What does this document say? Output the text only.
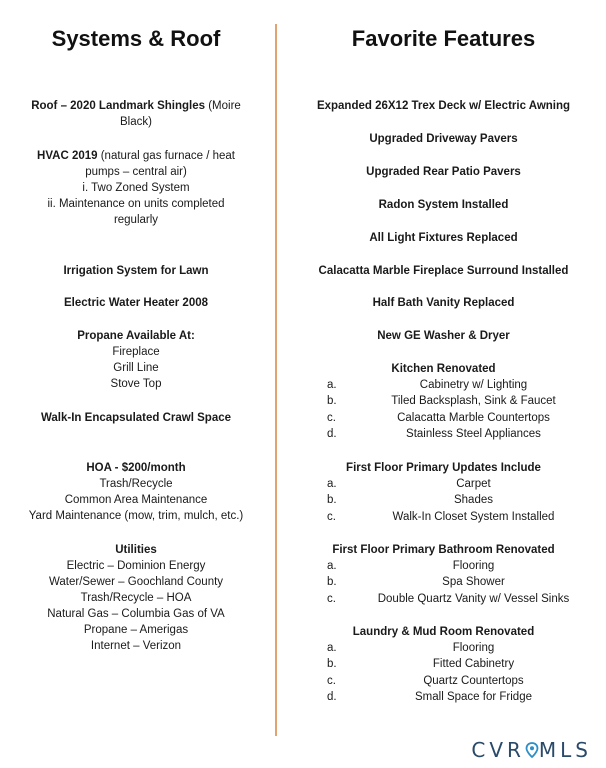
Systems & Roof
Roof – 2020 Landmark Shingles (Moire
Black)
HVAC 2019 (natural gas furnace / heat
pumps – central air)
i. Two Zoned System
ii. Maintenance on units completed
regularly
Irrigation System for Lawn
Electric Water Heater 2008
Propane Available At:
Fireplace
Grill Line
Stove Top
Walk-In Encapsulated Crawl Space
HOA - $200/month
Trash/Recycle
Common Area Maintenance
Yard Maintenance (mow, trim, mulch, etc.)
Utilities
Electric – Dominion Energy
Water/Sewer – Goochland County
Trash/Recycle – HOA
Natural Gas – Columbia Gas of VA
Propane – Amerigas
Internet – Verizon
Favorite Features
Expanded 26X12 Trex Deck w/ Electric Awning
Upgraded Driveway Pavers
Upgraded Rear Patio Pavers
Radon System Installed
All Light Fixtures Replaced
Calacatta Marble Fireplace Surround Installed
Half Bath Vanity Replaced
New GE Washer & Dryer
Kitchen Renovated
a.	Cabinetry w/ Lighting
b.	Tiled Backsplash, Sink & Faucet
c.	Calacatta Marble Countertops
d.	Stainless Steel Appliances
First Floor Primary Updates Include
a.	Carpet
b.	Shades
c.	Walk-In Closet System Installed
First Floor Primary Bathroom Renovated
a.	Flooring
b.	Spa Shower
c.	Double Quartz Vanity w/ Vessel Sinks
Laundry & Mud Room Renovated
a.	Flooring
b.	Fitted Cabinetry
c.	Quartz Countertops
d.	Small Space for Fridge
CVR MLS
